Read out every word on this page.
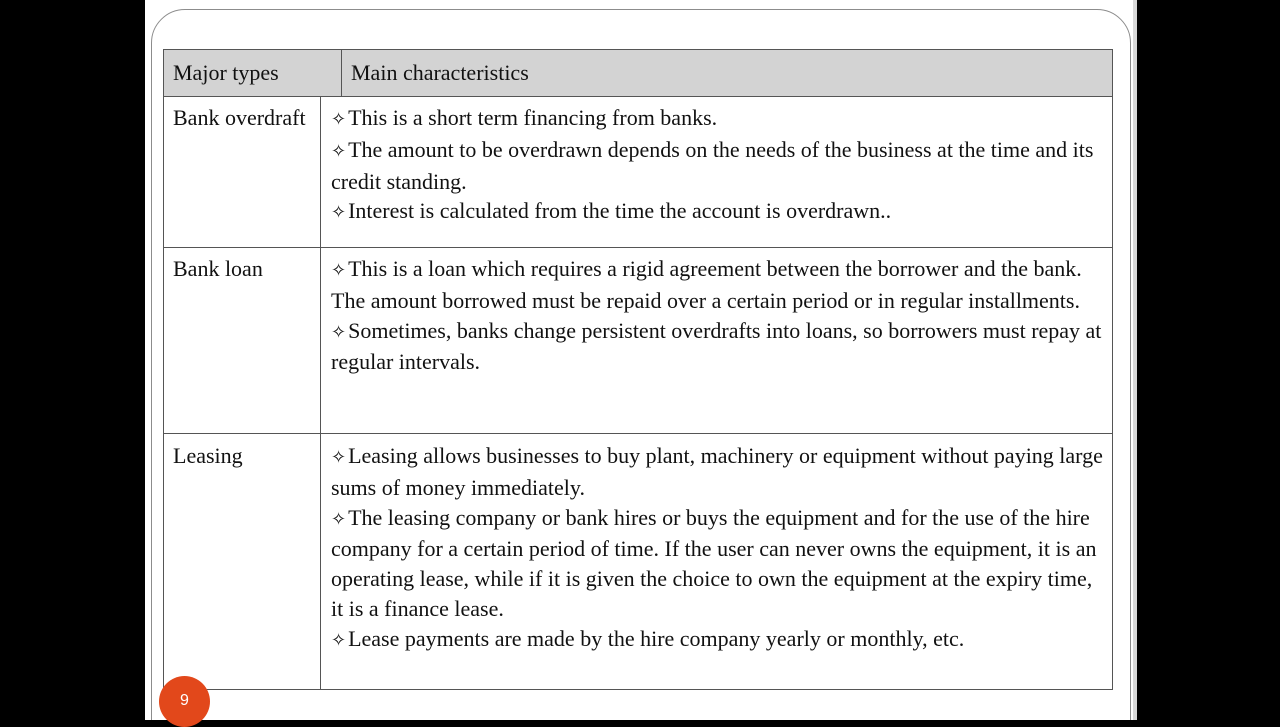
Major types	Main characteristics
Bank overdraft	✧This is a short term financing from banks.
✧The amount to be overdrawn depends on the needs of the business at the time and its credit standing.
✧Interest is calculated from the time the account is overdrawn..
Bank loan	✧This is a loan which requires a rigid agreement between the borrower and the bank. The amount borrowed must be repaid over a certain period or in regular installments.
✧Sometimes, banks change persistent overdrafts into loans, so borrowers must repay at regular intervals.
Leasing	✧Leasing allows businesses to buy plant, machinery or equipment without paying large sums of money immediately.
✧The leasing company or bank hires or buys the equipment and for the use of the hire company for a certain period of time. If the user can never owns the equipment, it is an operating lease, while if it is given the choice to own the equipment at the expiry time, it is a finance lease.
✧Lease payments are made by the hire company yearly or monthly, etc.
9
